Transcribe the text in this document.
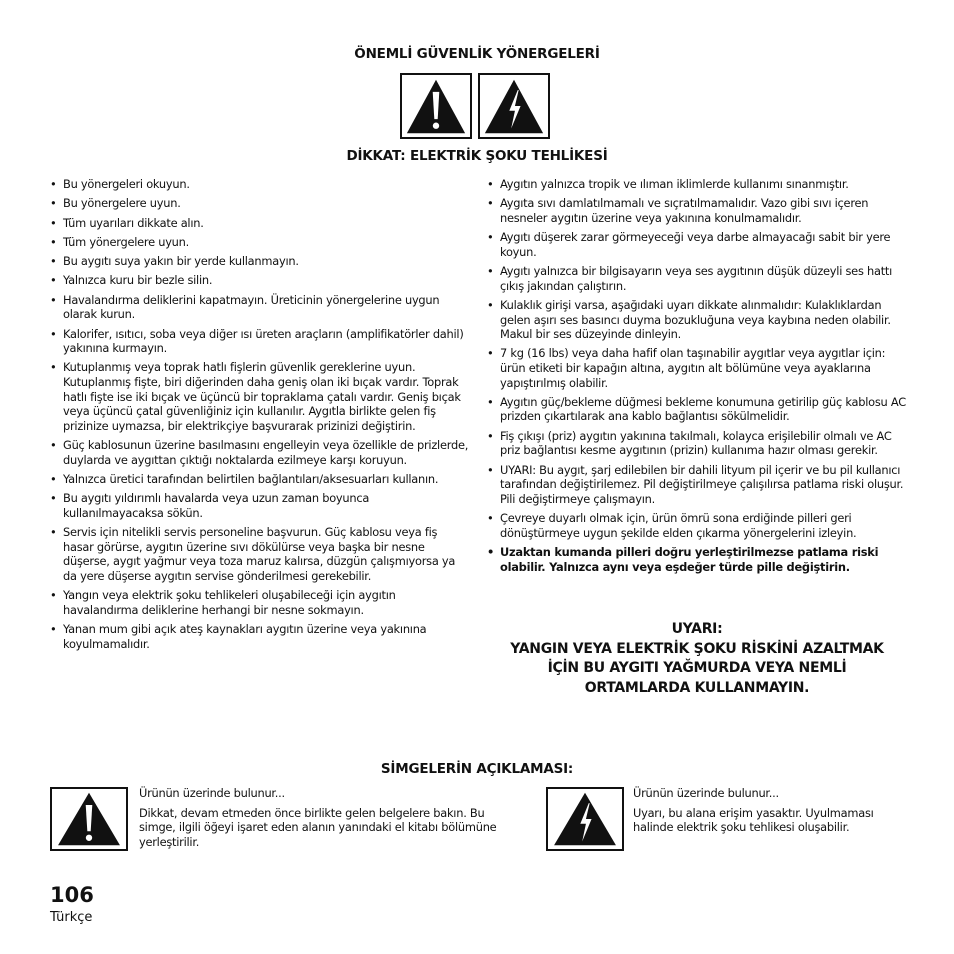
ÖNEMLİ GÜVENLİK YÖNERGELERİ
DİKKAT: ELEKTRİK ŞOKU TEHLİKESİ
• Bu yönergeleri okuyun.
• Bu yönergelere uyun.
• Tüm uyarıları dikkate alın.
• Tüm yönergelere uyun.
• Bu aygıtı suya yakın bir yerde kullanmayın.
• Yalnızca kuru bir bezle silin.
• Havalandırma deliklerini kapatmayın. Üreticinin yönergelerine uygun olarak kurun.
• Kalorifer, ısıtıcı, soba veya diğer ısı üreten araçların (amplifikatörler dahil) yakınına kurmayın.
• Kutuplanmış veya toprak hatlı fişlerin güvenlik gereklerine uyun. Kutuplanmış fişte, biri diğerinden daha geniş olan iki bıçak vardır. Toprak hatlı fişte ise iki bıçak ve üçüncü bir topraklama çatalı vardır. Geniş bıçak veya üçüncü çatal güvenliğiniz için kullanılır. Aygıtla birlikte gelen fiş prizinize uymazsa, bir elektrikçiye başvurarak prizinizi değiştirin.
• Güç kablosunun üzerine basılmasını engelleyin veya özellikle de prizlerde, duylarda ve aygıttan çıktığı noktalarda ezilmeye karşı koruyun.
• Yalnızca üretici tarafından belirtilen bağlantıları/aksesuarları kullanın.
• Bu aygıtı yıldırımlı havalarda veya uzun zaman boyunca kullanılmayacaksa sökün.
• Servis için nitelikli servis personeline başvurun. Güç kablosu veya fiş hasar görürse, aygıtın üzerine sıvı dökülürse veya başka bir nesne düşerse, aygıt yağmur veya toza maruz kalırsa, düzgün çalışmıyorsa ya da yere düşerse aygıtın servise gönderilmesi gerekebilir.
• Yangın veya elektrik şoku tehlikeleri oluşabileceği için aygıtın havalandırma deliklerine herhangi bir nesne sokmayın.
• Yanan mum gibi açık ateş kaynakları aygıtın üzerine veya yakınına koyulmamalıdır.
• Aygıtın yalnızca tropik ve ılıman iklimlerde kullanımı sınanmıştır.
• Aygıta sıvı damlatılmamalı ve sıçratılmamalıdır. Vazo gibi sıvı içeren nesneler aygıtın üzerine veya yakınına konulmamalıdır.
• Aygıtı düşerek zarar görmeyeceği veya darbe almayacağı sabit bir yere koyun.
• Aygıtı yalnızca bir bilgisayarın veya ses aygıtının düşük düzeyli ses hattı çıkış jakından çalıştırın.
• Kulaklık girişi varsa, aşağıdaki uyarı dikkate alınmalıdır: Kulaklıklardan gelen aşırı ses basıncı duyma bozukluğuna veya kaybına neden olabilir. Makul bir ses düzeyinde dinleyin.
• 7 kg (16 lbs) veya daha hafif olan taşınabilir aygıtlar veya aygıtlar için: ürün etiketi bir kapağın altına, aygıtın alt bölümüne veya ayaklarına yapıştırılmış olabilir.
• Aygıtın güç/bekleme düğmesi bekleme konumuna getirilip güç kablosu AC prizden çıkartılarak ana kablo bağlantısı sökülmelidir.
• Fiş çıkışı (priz) aygıtın yakınına takılmalı, kolayca erişilebilir olmalı ve AC priz bağlantısı kesme aygıtının (prizin) kullanıma hazır olması gerekir.
• UYARI: Bu aygıt, şarj edilebilen bir dahili lityum pil içerir ve bu pil kullanıcı tarafından değiştirilemez. Pil değiştirilmeye çalışılırsa patlama riski oluşur. Pili değiştirmeye çalışmayın.
• Çevreye duyarlı olmak için, ürün ömrü sona erdiğinde pilleri geri dönüştürmeye uygun şekilde elden çıkarma yönergelerini izleyin.
• Uzaktan kumanda pilleri doğru yerleştirilmezse patlama riski olabilir. Yalnızca aynı veya eşdeğer türde pille değiştirin.
UYARI:
YANGIN VEYA ELEKTRİK ŞOKU RİSKİNİ AZALTMAK
İÇİN BU AYGITI YAĞMURDA VEYA NEMLİ
ORTAMLARDA KULLANMAYIN.
SİMGELERİN AÇIKLAMASI:

Ürünün üzerinde bulunur...

Dikkat, devam etmeden önce birlikte gelen belgelere bakın. Bu simge, ilgili öğeyi işaret eden alanın yanındaki el kitabı bölümüne yerleştirilir.

Ürünün üzerinde bulunur...

Uyarı, bu alana erişim yasaktır. Uyulmaması halinde elektrik şoku tehlikesi oluşabilir.

106
Türkçe
